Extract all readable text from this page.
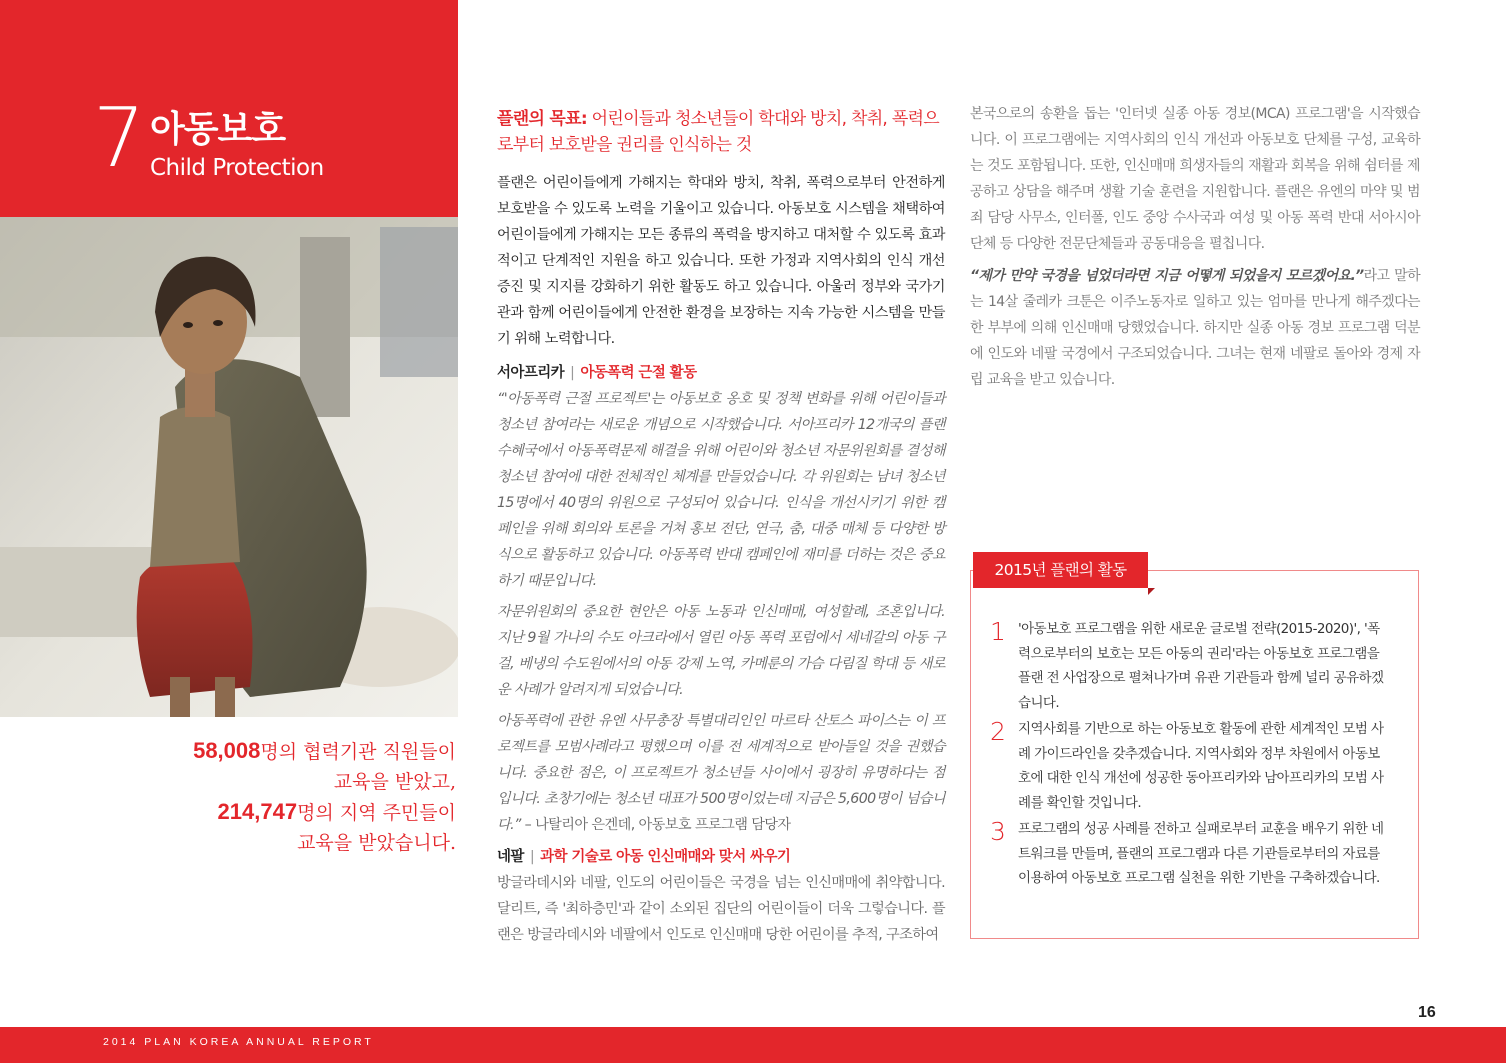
7 아동보호
Child Protection
58,008명의 협력기관 직원들이
교육을 받았고,
214,747명의 지역 주민들이
교육을 받았습니다.
플랜의 목표: 어린이들과 청소년들이 학대와 방치, 착취, 폭력으로부터 보호받을 권리를 인식하는 것

플랜은 어린이들에게 가해지는 학대와 방치, 착취, 폭력으로부터 안전하게 보호받을 수 있도록 노력을 기울이고 있습니다. 아동보호 시스템을 채택하여 어린이들에게 가해지는 모든 종류의 폭력을 방지하고 대처할 수 있도록 효과적이고 단계적인 지원을 하고 있습니다. 또한 가정과 지역사회의 인식 개선 증진 및 지지를 강화하기 위한 활동도 하고 있습니다. 아울러 정부와 국가기관과 함께 어린이들에게 안전한 환경을 보장하는 지속 가능한 시스템을 만들기 위해 노력합니다.

서아프리카 | 아동폭력 근절 활동

“'아동폭력 근절 프로젝트'는 아동보호 옹호 및 정책 변화를 위해 어린이들과 청소년 참여라는 새로운 개념으로 시작했습니다. 서아프리카 12개국의 플랜 수혜국에서 아동폭력문제 해결을 위해 어린이와 청소년 자문위원회를 결성해 청소년 참여에 대한 전체적인 체계를 만들었습니다. 각 위원회는 남녀 청소년 15명에서 40명의 위원으로 구성되어 있습니다. 인식을 개선시키기 위한 캠페인을 위해 회의와 토론을 거쳐 홍보 전단, 연극, 춤, 대중 매체 등 다양한 방식으로 활동하고 있습니다. 아동폭력 반대 캠페인에 재미를 더하는 것은 중요하기 때문입니다.

자문위원회의 중요한 현안은 아동 노동과 인신매매, 여성할례, 조혼입니다. 지난 9월 가나의 수도 아크라에서 열린 아동 폭력 포럼에서 세네갈의 아동 구걸, 베냉의 수도원에서의 아동 강제 노역, 카메룬의 가슴 다림질 학대 등 새로운 사례가 알려지게 되었습니다.

아동폭력에 관한 유엔 사무총장 특별대리인인 마르타 산토스 파이스는 이 프로젝트를 모범사례라고 평했으며 이를 전 세계적으로 받아들일 것을 권했습니다. 중요한 점은, 이 프로젝트가 청소년들 사이에서 굉장히 유명하다는 점입니다. 초창기에는 청소년 대표가 500명이었는데 지금은 5,600명이 넘습니다.” – 나탈리아 은겐데, 아동보호 프로그램 담당자

네팔 | 과학 기술로 아동 인신매매와 맞서 싸우기

방글라데시와 네팔, 인도의 어린이들은 국경을 넘는 인신매매에 취약합니다. 달리트, 즉 '최하층민'과 같이 소외된 집단의 어린이들이 더욱 그렇습니다. 플랜은 방글라데시와 네팔에서 인도로 인신매매 당한 어린이를 추적, 구조하여

본국으로의 송환을 돕는 '인터넷 실종 아동 경보(MCA) 프로그램'을 시작했습니다. 이 프로그램에는 지역사회의 인식 개선과 아동보호 단체를 구성, 교육하는 것도 포함됩니다. 또한, 인신매매 희생자들의 재활과 회복을 위해 쉼터를 제공하고 상담을 해주며 생활 기술 훈련을 지원합니다. 플랜은 유엔의 마약 및 범죄 담당 사무소, 인터폴, 인도 중앙 수사국과 여성 및 아동 폭력 반대 서아시아 단체 등 다양한 전문단체들과 공동대응을 펼칩니다.

“제가 만약 국경을 넘었더라면 지금 어떻게 되었을지 모르겠어요.”라고 말하는 14살 줄레카 크툰은 이주노동자로 일하고 있는 엄마를 만나게 해주겠다는 한 부부에 의해 인신매매 당했었습니다. 하지만 실종 아동 경보 프로그램 덕분에 인도와 네팔 국경에서 구조되었습니다. 그녀는 현재 네팔로 돌아와 경제 자립 교육을 받고 있습니다.

2015년 플랜의 활동
1 '아동보호 프로그램을 위한 새로운 글로벌 전략(2015-2020)', '폭력으로부터의 보호는 모든 아동의 권리'라는 아동보호 프로그램을 플랜 전 사업장으로 펼쳐나가며 유관 기관들과 함께 널리 공유하겠습니다.
2 지역사회를 기반으로 하는 아동보호 활동에 관한 세계적인 모범 사례 가이드라인을 갖추겠습니다. 지역사회와 정부 차원에서 아동보호에 대한 인식 개선에 성공한 동아프리카와 남아프리카의 모범 사례를 확인할 것입니다.
3 프로그램의 성공 사례를 전하고 실패로부터 교훈을 배우기 위한 네트워크를 만들며, 플랜의 프로그램과 다른 기관들로부터의 자료를 이용하여 아동보호 프로그램 실천을 위한 기반을 구축하겠습니다.
16
2014 PLAN KOREA ANNUAL REPORT
